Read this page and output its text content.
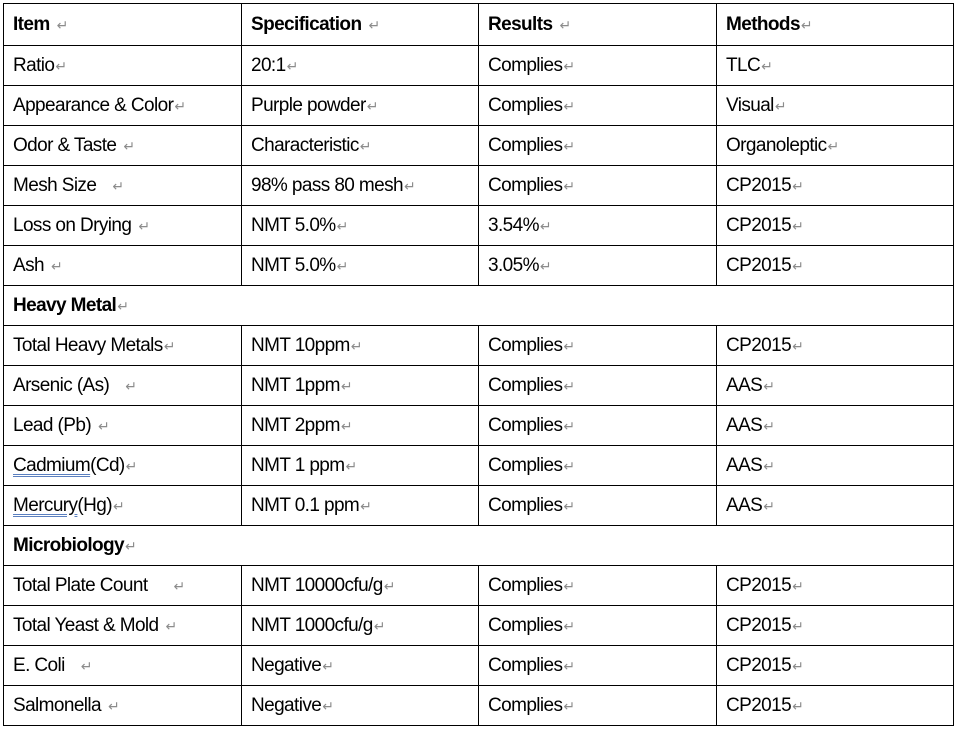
Item ↵	Specification ↵	Results ↵	Methods↵
Ratio↵	20:1↵	Complies↵	TLC↵
Appearance & Color↵	Purple powder↵	Complies↵	Visual↵
Odor & Taste ↵	Characteristic↵	Complies↵	Organoleptic↵
Mesh Size ↵	98% pass 80 mesh↵	Complies↵	CP2015↵
Loss on Drying ↵	NMT 5.0%↵	3.54%↵	CP2015↵
Ash ↵	NMT 5.0%↵	3.05%↵	CP2015↵
Heavy Metal↵			
Total Heavy Metals↵	NMT 10ppm↵	Complies↵	CP2015↵
Arsenic (As) ↵	NMT 1ppm↵	Complies↵	AAS↵
Lead (Pb) ↵	NMT 2ppm↵	Complies↵	AAS↵
Cadmium(Cd)↵	NMT 1 ppm↵	Complies↵	AAS↵
Mercury(Hg)↵	NMT 0.1 ppm↵	Complies↵	AAS↵
Microbiology↵			
Total Plate Count ↵	NMT 10000cfu/g↵	Complies↵	CP2015↵
Total Yeast & Mold ↵	NMT 1000cfu/g↵	Complies↵	CP2015↵
E. Coli ↵	Negative↵	Complies↵	CP2015↵
Salmonella ↵	Negative↵	Complies↵	CP2015↵
